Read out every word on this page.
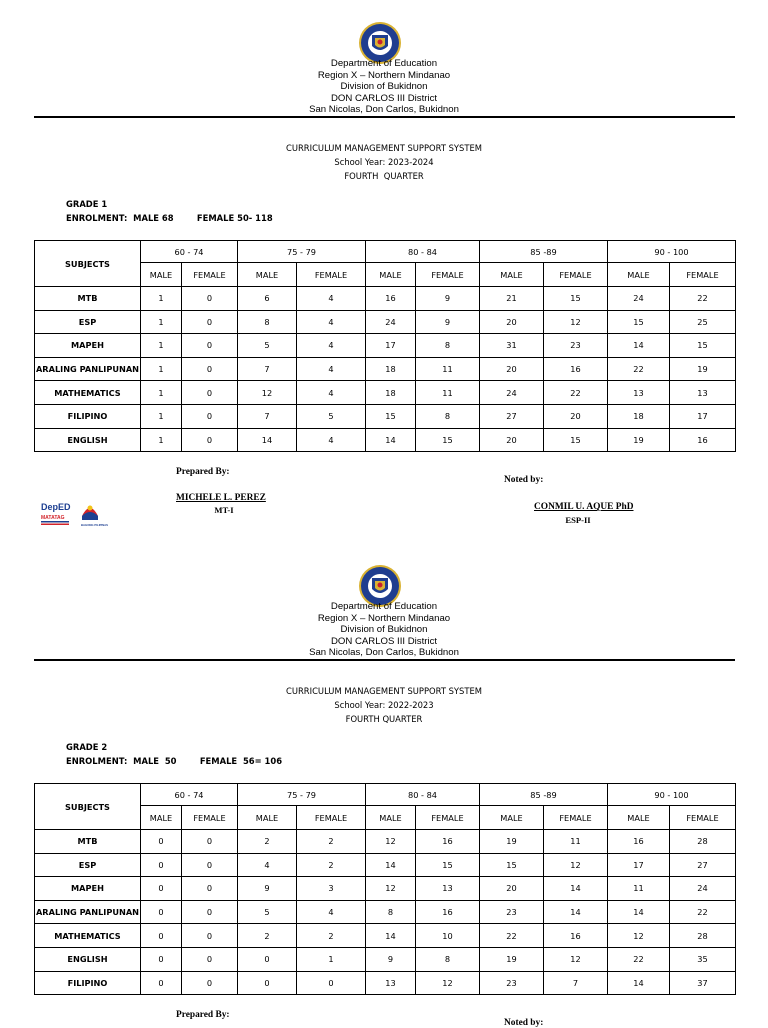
Department of Education
Region X – Northern Mindanao
Division of Bukidnon
DON CARLOS III District
San Nicolas, Don Carlos, Bukidnon
CURRICULUM MANAGEMENT SUPPORT SYSTEM
School Year: 2023-2024
FOURTH  QUARTER
GRADE 1
ENROLMENT:  MALE 68        FEMALE 50- 118
SUBJECTS	60 - 74		75 - 79		80 - 84		85 -89		90 - 100	
	MALE	FEMALE	MALE	FEMALE	MALE	FEMALE	MALE	FEMALE	MALE	FEMALE
MTB	1	0	6	4	16	9	21	15	24	22
ESP	1	0	8	4	24	9	20	12	15	25
MAPEH	1	0	5	4	17	8	31	23	14	15
ARALING PANLIPUNAN	1	0	7	4	18	11	20	16	22	19
MATHEMATICS	1	0	12	4	18	11	24	22	13	13
FILIPINO	1	0	7	5	15	8	27	20	18	17
ENGLISH	1	0	14	4	14	15	20	15	19	16
Prepared By:
MICHELE L. PEREZ
MT-I
Noted by:
CONMIL U. AQUE PhD
ESP-II
DepED
MATATAG
BAGONG PILIPINAS
Department of Education
Region X – Northern Mindanao
Division of Bukidnon
DON CARLOS III District
San Nicolas, Don Carlos, Bukidnon
CURRICULUM MANAGEMENT SUPPORT SYSTEM
School Year: 2022-2023
FOURTH QUARTER
GRADE 2
ENROLMENT:  MALE  50        FEMALE  56= 106
SUBJECTS	60 - 74		75 - 79		80 - 84		85 -89		90 - 100	
	MALE	FEMALE	MALE	FEMALE	MALE	FEMALE	MALE	FEMALE	MALE	FEMALE
MTB	0	0	2	2	12	16	19	11	16	28
ESP	0	0	4	2	14	15	15	12	17	27
MAPEH	0	0	9	3	12	13	20	14	11	24
ARALING PANLIPUNAN	0	0	5	4	8	16	23	14	14	22
MATHEMATICS	0	0	2	2	14	10	22	16	12	28
ENGLISH	0	0	0	1	9	8	19	12	22	35
FILIPINO	0	0	0	0	13	12	23	7	14	37
Prepared By:
Noted by:
